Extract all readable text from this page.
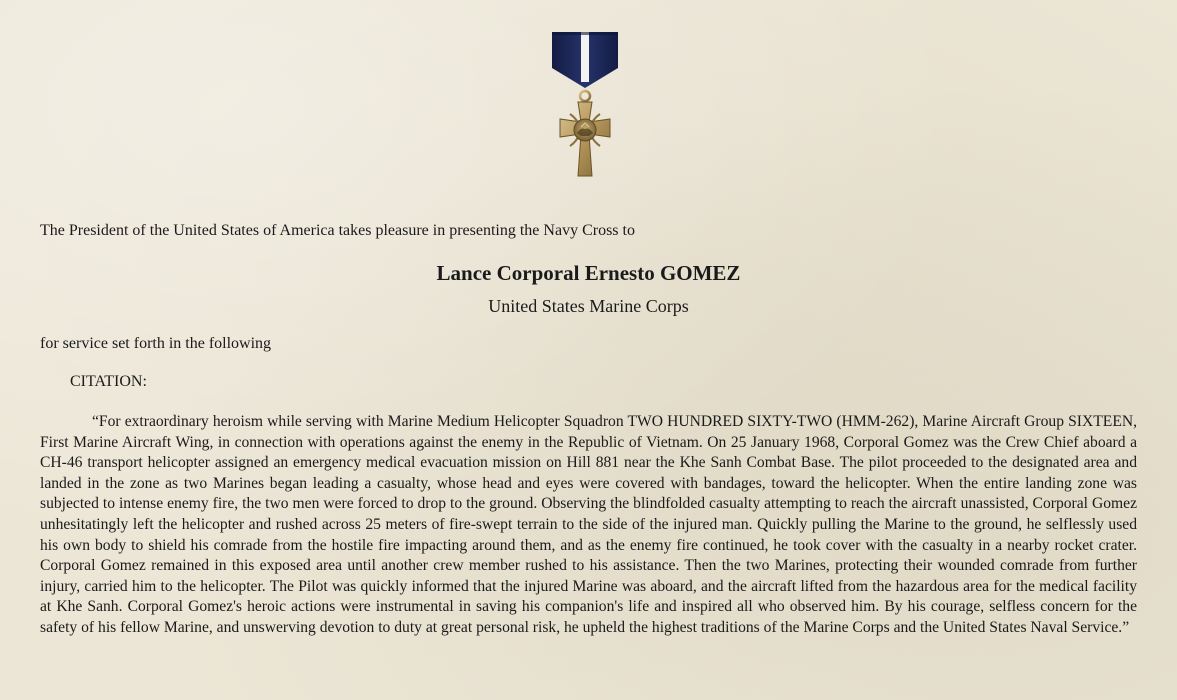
The President of the United States of America takes pleasure in presenting the Navy Cross to

Lance Corporal Ernesto GOMEZ

United States Marine Corps

for service set forth in the following

CITATION:

“For extraordinary heroism while serving with Marine Medium Helicopter Squadron TWO HUNDRED SIXTY-TWO (HMM-262), Marine Aircraft Group SIXTEEN, First Marine Aircraft Wing, in connection with operations against the enemy in the Republic of Vietnam. On 25 January 1968, Corporal Gomez was the Crew Chief aboard a CH-46 transport helicopter assigned an emergency medical evacuation mission on Hill 881 near the Khe Sanh Combat Base. The pilot proceeded to the designated area and landed in the zone as two Marines began leading a casualty, whose head and eyes were covered with bandages, toward the helicopter. When the entire landing zone was subjected to intense enemy fire, the two men were forced to drop to the ground. Observing the blindfolded casualty attempting to reach the aircraft unassisted, Corporal Gomez unhesitatingly left the helicopter and rushed across 25 meters of fire-swept terrain to the side of the injured man. Quickly pulling the Marine to the ground, he selflessly used his own body to shield his comrade from the hostile fire impacting around them, and as the enemy fire continued, he took cover with the casualty in a nearby rocket crater. Corporal Gomez remained in this exposed area until another crew member rushed to his assistance. Then the two Marines, protecting their wounded comrade from further injury, carried him to the helicopter. The Pilot was quickly informed that the injured Marine was aboard, and the aircraft lifted from the hazardous area for the medical facility at Khe Sanh. Corporal Gomez's heroic actions were instrumental in saving his companion's life and inspired all who observed him. By his courage, selfless concern for the safety of his fellow Marine, and unswerving devotion to duty at great personal risk, he upheld the highest traditions of the Marine Corps and the United States Naval Service.”
